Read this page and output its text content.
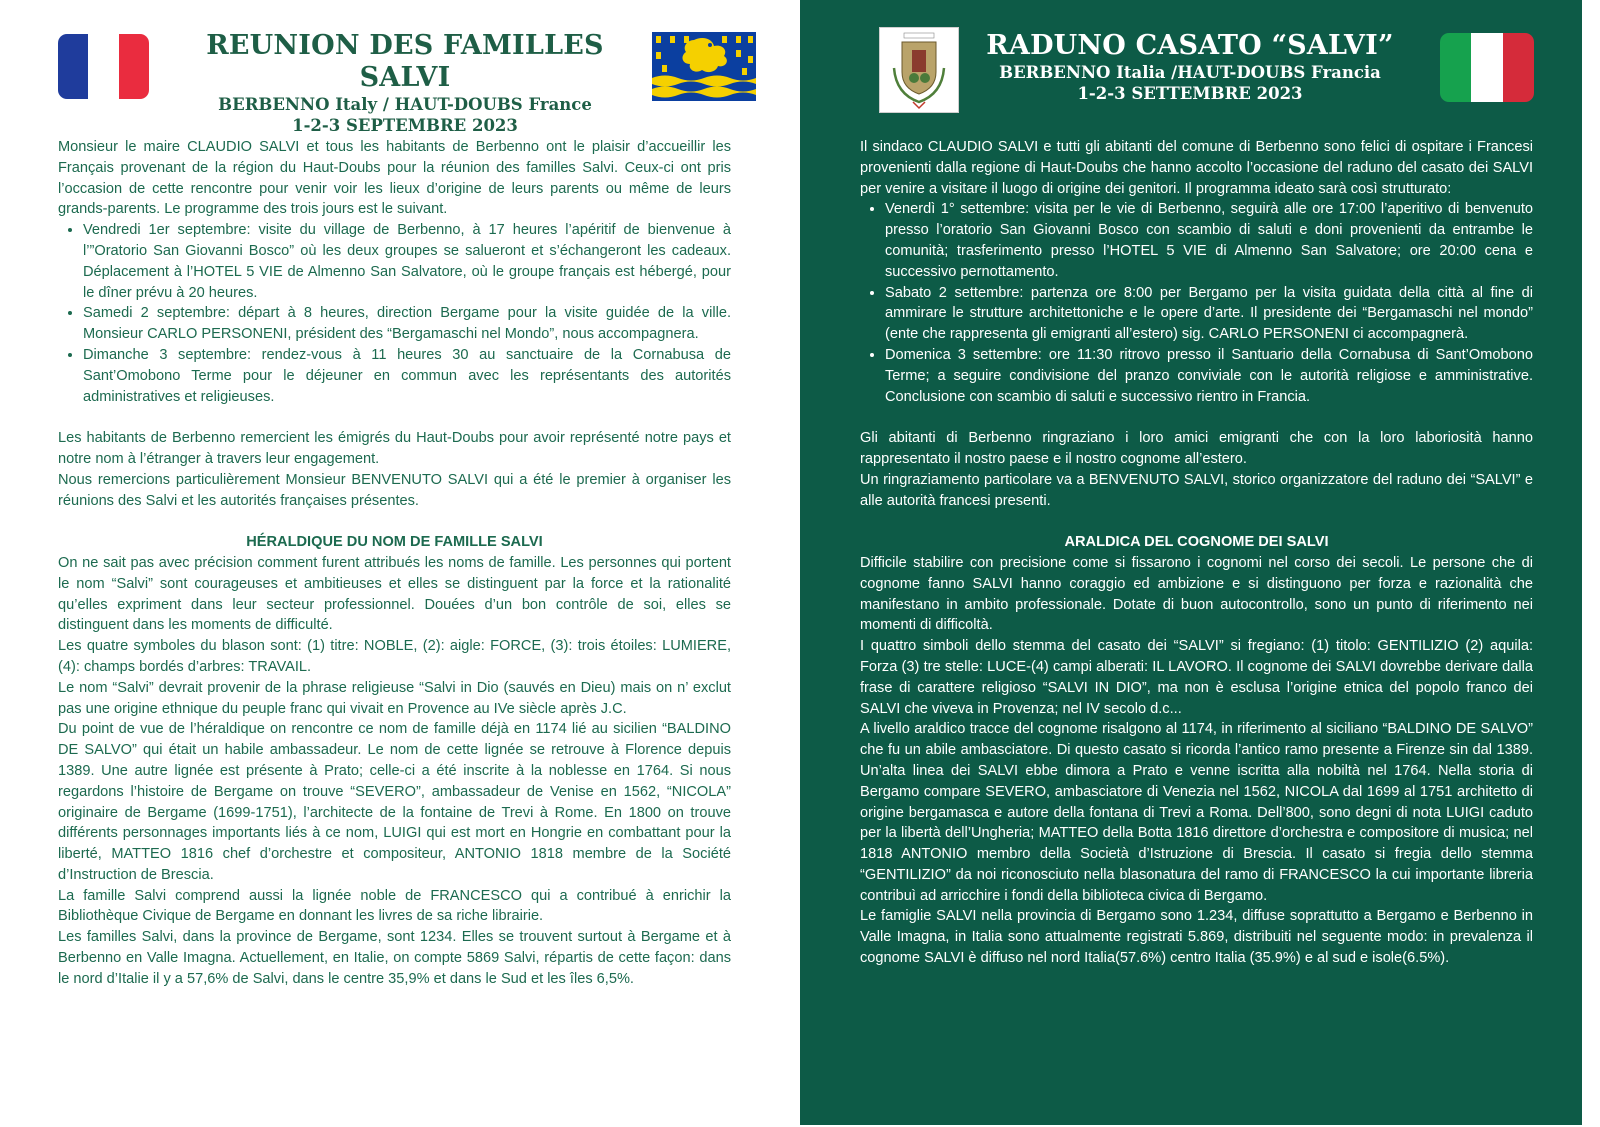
REUNION DES FAMILLES SALVI
BERBENNO Italy / HAUT-DOUBS France
1-2-3 SEPTEMBRE 2023

Monsieur le maire CLAUDIO SALVI et tous les habitants de Berbenno ont le plaisir d’accueillir les Français provenant de la région du Haut-Doubs pour la réunion des familles Salvi. Ceux-ci ont pris l’occasion de cette rencontre pour venir voir les lieux d’origine de leurs parents ou même de leurs grands-parents. Le programme des trois jours est le suivant.

• Vendredi 1er septembre: visite du village de Berbenno, à 17 heures l’apéritif de bienvenue à l’”Oratorio San Giovanni Bosco” où les deux groupes se salueront et s’échangeront les cadeaux. Déplacement à l’HOTEL 5 VIE de Almenno San Salvatore, où le groupe français est hébergé, pour le dîner prévu à 20 heures.
• Samedi 2 septembre: départ à 8 heures, direction Bergame pour la visite guidée de la ville. Monsieur CARLO PERSONENI, président des “Bergamaschi nel Mondo”, nous accompagnera.
• Dimanche 3 septembre: rendez-vous à 11 heures 30 au sanctuaire de la Cornabusa de Sant’Omobono Terme pour le déjeuner en commun avec les représentants des autorités administratives et religieuses.

Les habitants de Berbenno remercient les émigrés du Haut-Doubs pour avoir représenté notre pays et notre nom à l’étranger à travers leur engagement.

Nous remercions particulièrement Monsieur BENVENUTO SALVI qui a été le premier à organiser les réunions des Salvi et les autorités françaises présentes.

HÉRALDIQUE DU NOM DE FAMILLE SALVI

On ne sait pas avec précision comment furent attribués les noms de famille. Les personnes qui portent le nom “Salvi” sont courageuses et ambitieuses et elles se distinguent par la force et la rationalité qu’elles expriment dans leur secteur professionnel. Douées d’un bon contrôle de soi, elles se distinguent dans les moments de difficulté.

Les quatre symboles du blason sont: (1) titre: NOBLE, (2): aigle: FORCE, (3): trois étoiles: LUMIERE, (4): champs bordés d’arbres: TRAVAIL.

Le nom “Salvi” devrait provenir de la phrase religieuse “Salvi in Dio (sauvés en Dieu) mais on n’ exclut pas une origine ethnique du peuple franc qui vivait en Provence au IVe siècle après J.C.

Du point de vue de l’héraldique on rencontre ce nom de famille déjà en 1174 lié au sicilien “BALDINO DE SALVO” qui était un habile ambassadeur. Le nom de cette lignée se retrouve à Florence depuis 1389. Une autre lignée est présente à Prato; celle-ci a été inscrite à la noblesse en 1764. Si nous regardons l’histoire de Bergame on trouve “SEVERO”, ambassadeur de Venise en 1562, “NICOLA” originaire de Bergame (1699-1751), l’architecte de la fontaine de Trevi à Rome. En 1800 on trouve différents personnages importants liés à ce nom, LUIGI qui est mort en Hongrie en combattant pour la liberté, MATTEO 1816 chef d’orchestre et compositeur, ANTONIO 1818 membre de la Société d’Instruction de Brescia.

La famille Salvi comprend aussi la lignée noble de FRANCESCO qui a contribué à enrichir la Bibliothèque Civique de Bergame en donnant les livres de sa riche librairie.

Les familles Salvi, dans la province de Bergame, sont 1234. Elles se trouvent surtout à Bergame et à Berbenno en Valle Imagna. Actuellement, en Italie, on compte 5869 Salvi, répartis de cette façon: dans le nord d’Italie il y a 57,6% de Salvi, dans le centre 35,9% et dans le Sud et les îles 6,5%.

RADUNO CASATO “SALVI”
BERBENNO Italia /HAUT-DOUBS Francia
1-2-3 SETTEMBRE 2023

Il sindaco CLAUDIO SALVI e tutti gli abitanti del comune di Berbenno sono felici di ospitare i Francesi provenienti dalla regione di Haut-Doubs che hanno accolto l’occasione del raduno del casato dei SALVI per venire a visitare il luogo di origine dei genitori. Il programma ideato sarà così strutturato:

• Venerdì 1° settembre: visita per le vie di Berbenno, seguirà alle ore 17:00 l’aperitivo di benvenuto presso l’oratorio San Giovanni Bosco con scambio di saluti e doni provenienti da entrambe le comunità; trasferimento presso l’HOTEL 5 VIE di Almenno San Salvatore; ore 20:00 cena e successivo pernottamento.
• Sabato 2 settembre: partenza ore 8:00 per Bergamo per la visita guidata della città al fine di ammirare le strutture architettoniche e le opere d’arte. Il presidente dei “Bergamaschi nel mondo” (ente che rappresenta gli emigranti all’estero) sig. CARLO PERSONENI ci accompagnerà.
• Domenica 3 settembre: ore 11:30 ritrovo presso il Santuario della Cornabusa di Sant’Omobono Terme; a seguire condivisione del pranzo conviviale con le autorità religiose e amministrative. Conclusione con scambio di saluti e successivo rientro in Francia.

Gli abitanti di Berbenno ringraziano i loro amici emigranti che con la loro laboriosità hanno rappresentato il nostro paese e il nostro cognome all’estero.

Un ringraziamento particolare va a BENVENUTO SALVI, storico organizzatore del raduno dei “SALVI” e alle autorità francesi presenti.

ARALDICA DEL COGNOME DEI SALVI

Difficile stabilire con precisione come si fissarono i cognomi nel corso dei secoli. Le persone che di cognome fanno SALVI hanno coraggio ed ambizione e si distinguono per forza e razionalità che manifestano in ambito professionale. Dotate di buon autocontrollo, sono un punto di riferimento nei momenti di difficoltà.

I quattro simboli dello stemma del casato dei “SALVI” si fregiano: (1) titolo: GENTILIZIO (2) aquila: Forza (3) tre stelle: LUCE-(4) campi alberati: IL LAVORO. Il cognome dei SALVI dovrebbe derivare dalla frase di carattere religioso “SALVI IN DIO”, ma non è esclusa l’origine etnica del popolo franco dei SALVI che viveva in Provenza; nel IV secolo d.c...

A livello araldico tracce del cognome risalgono al 1174, in riferimento al siciliano “BALDINO DE SALVO” che fu un abile ambasciatore. Di questo casato si ricorda l’antico ramo presente a Firenze sin dal 1389. Un’alta linea dei SALVI ebbe dimora a Prato e venne iscritta alla nobiltà nel 1764. Nella storia di Bergamo compare SEVERO, ambasciatore di Venezia nel 1562, NICOLA dal 1699 al 1751 architetto di origine bergamasca e autore della fontana di Trevi a Roma. Dell’800, sono degni di nota LUIGI caduto per la libertà dell’Ungheria; MATTEO della Botta 1816 direttore d’orchestra e compositore di musica; nel 1818 ANTONIO membro della Società d’Istruzione di Brescia. Il casato si fregia dello stemma “GENTILIZIO” da noi riconosciuto nella blasonatura del ramo di FRANCESCO la cui importante libreria contribuì ad arricchire i fondi della biblioteca civica di Bergamo.

Le famiglie SALVI nella provincia di Bergamo sono 1.234, diffuse soprattutto a Bergamo e Berbenno in Valle Imagna, in Italia sono attualmente registrati 5.869, distribuiti nel seguente modo: in prevalenza il cognome SALVI è diffuso nel nord Italia(57.6%) centro Italia (35.9%) e al sud e isole(6.5%).
